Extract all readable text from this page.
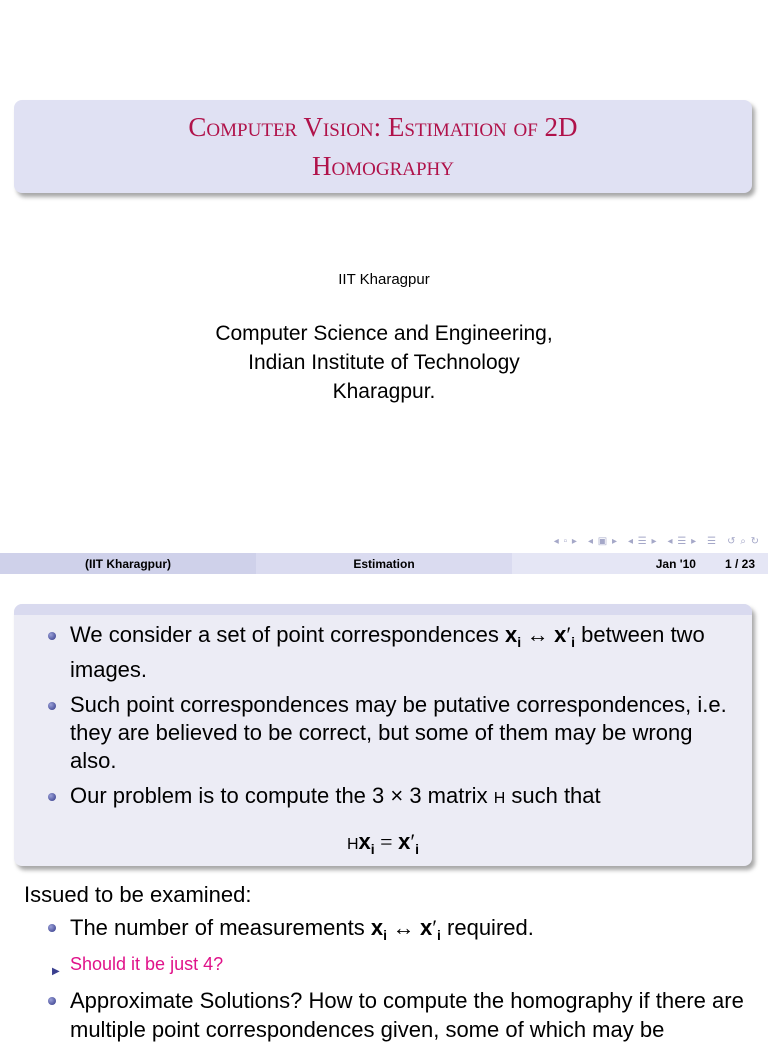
Computer Vision: Estimation of 2D
Homography
IIT Kharagpur
Computer Science and Engineering,
Indian Institute of Technology
Kharagpur.
◂ ▫ ▸ ◂ ▣ ▸ ◂ ☰ ▸ ◂ ☰ ▸ ☰ ↺ ⌕ ↻
(IIT Kharagpur)	Estimation	Jan '10 1 / 23
We consider a set of point correspondences $x_i$ ↔ $x'_i$ between two images.
Such point correspondences may be putative correspondences, i.e. they are believed to be correct, but some of them may be wrong also.
Our problem is to compute the 3 × 3 matrix H such that
$Hx_i = x'_i$
Issued to be examined:
The number of measurements $x_i$ ↔ $x'_i$ required.
▶ Should it be just 4?
Approximate Solutions? How to compute the homography if there are multiple point correspondences given, some of which may be
